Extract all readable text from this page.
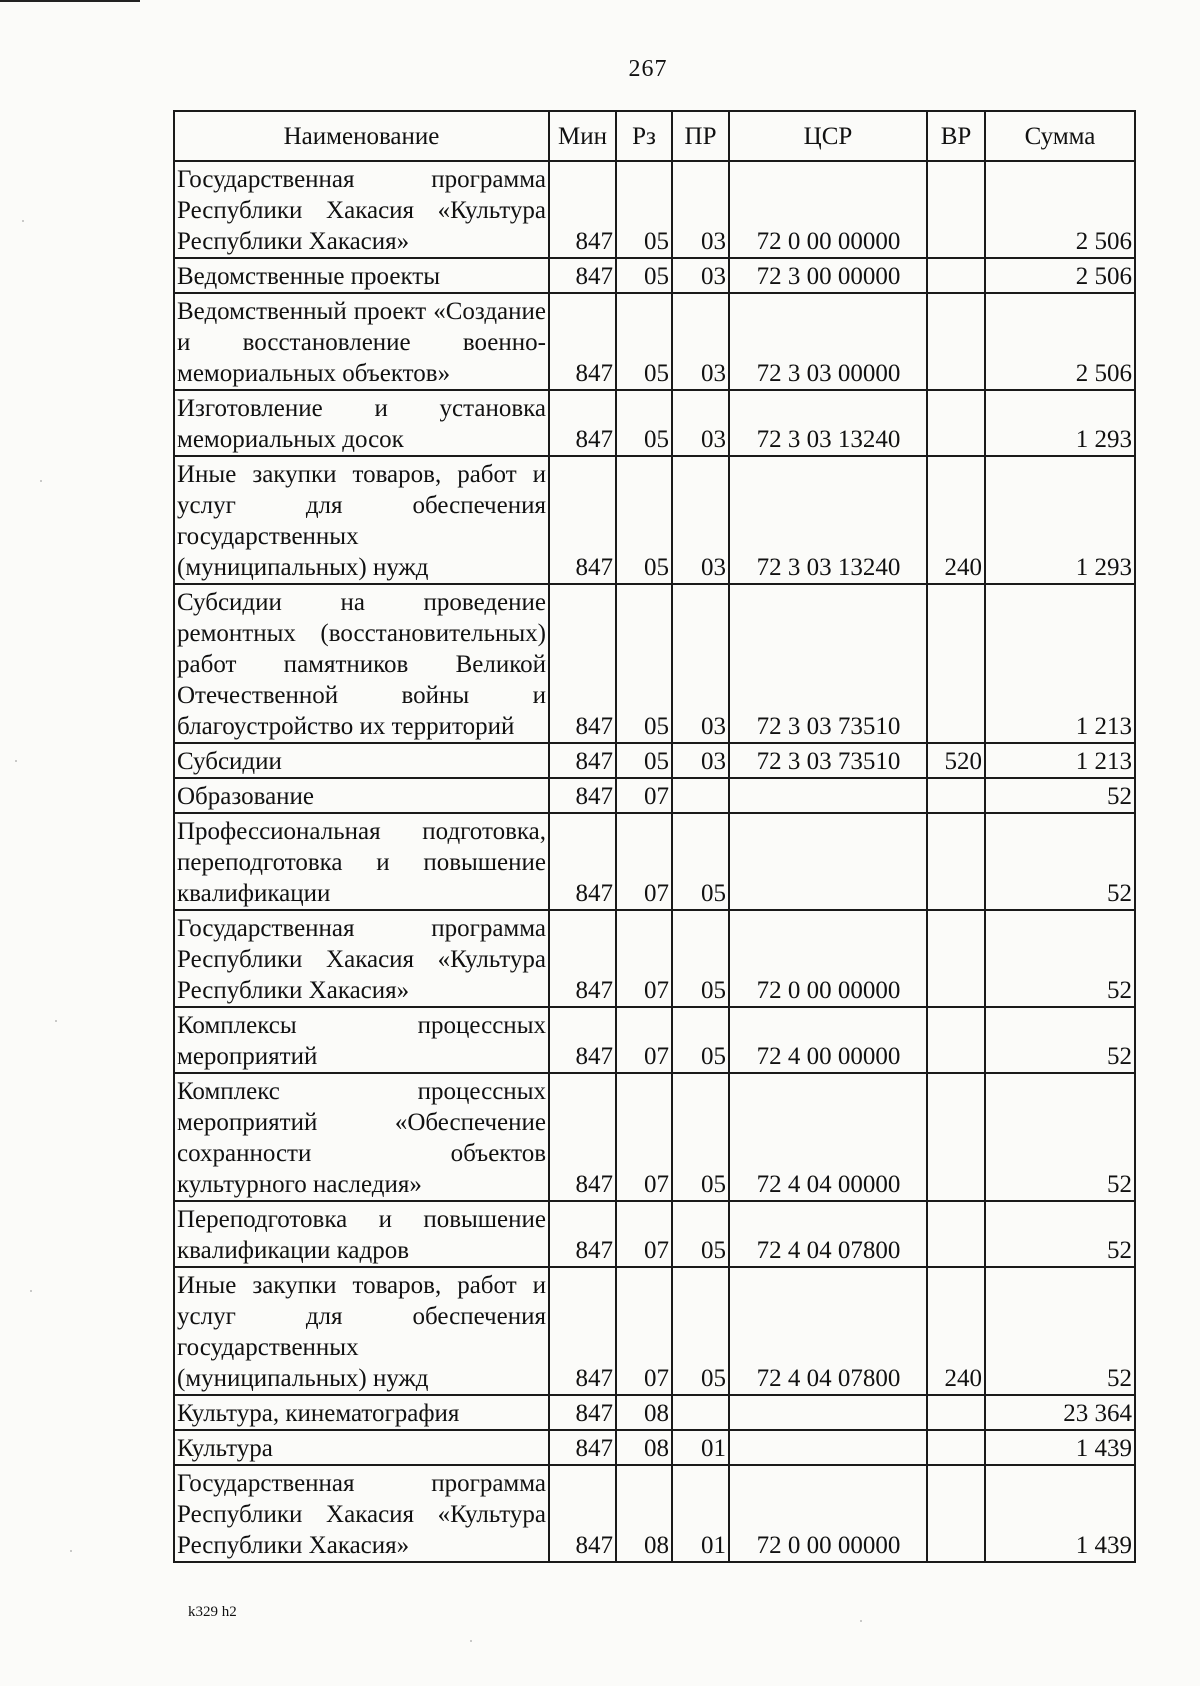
267
Наименование	Мин	Рз	ПР	ЦСР	ВР	Сумма
Государственная программа Республики Хакасия «Культура Республики Хакасия»	847	05	03	72 0 00 00000		2 506
Ведомственные проекты	847	05	03	72 3 00 00000		2 506
Ведомственный проект «Создание и восстановление военно-мемориальных объектов»	847	05	03	72 3 03 00000		2 506
Изготовление и установка мемориальных досок	847	05	03	72 3 03 13240		1 293
Иные закупки товаров, работ и услуг для обеспечения государственных (муниципальных) нужд	847	05	03	72 3 03 13240	240	1 293
Субсидии на проведение ремонтных (восстановительных) работ памятников Великой Отечественной войны и благоустройство их территорий	847	05	03	72 3 03 73510		1 213
Субсидии	847	05	03	72 3 03 73510	520	1 213
Образование	847	07				52
Профессиональная подготовка, переподготовка и повышение квалификации	847	07	05			52
Государственная программа Республики Хакасия «Культура Республики Хакасия»	847	07	05	72 0 00 00000		52
Комплексы процессных мероприятий	847	07	05	72 4 00 00000		52
Комплекс процессных мероприятий «Обеспечение сохранности объектов культурного наследия»	847	07	05	72 4 04 00000		52
Переподготовка и повышение квалификации кадров	847	07	05	72 4 04 07800		52
Иные закупки товаров, работ и услуг для обеспечения государственных (муниципальных) нужд	847	07	05	72 4 04 07800	240	52
Культура, кинематография	847	08				23 364
Культура	847	08	01			1 439
Государственная программа Республики Хакасия «Культура Республики Хакасия»	847	08	01	72 0 00 00000		1 439
k329 h2
